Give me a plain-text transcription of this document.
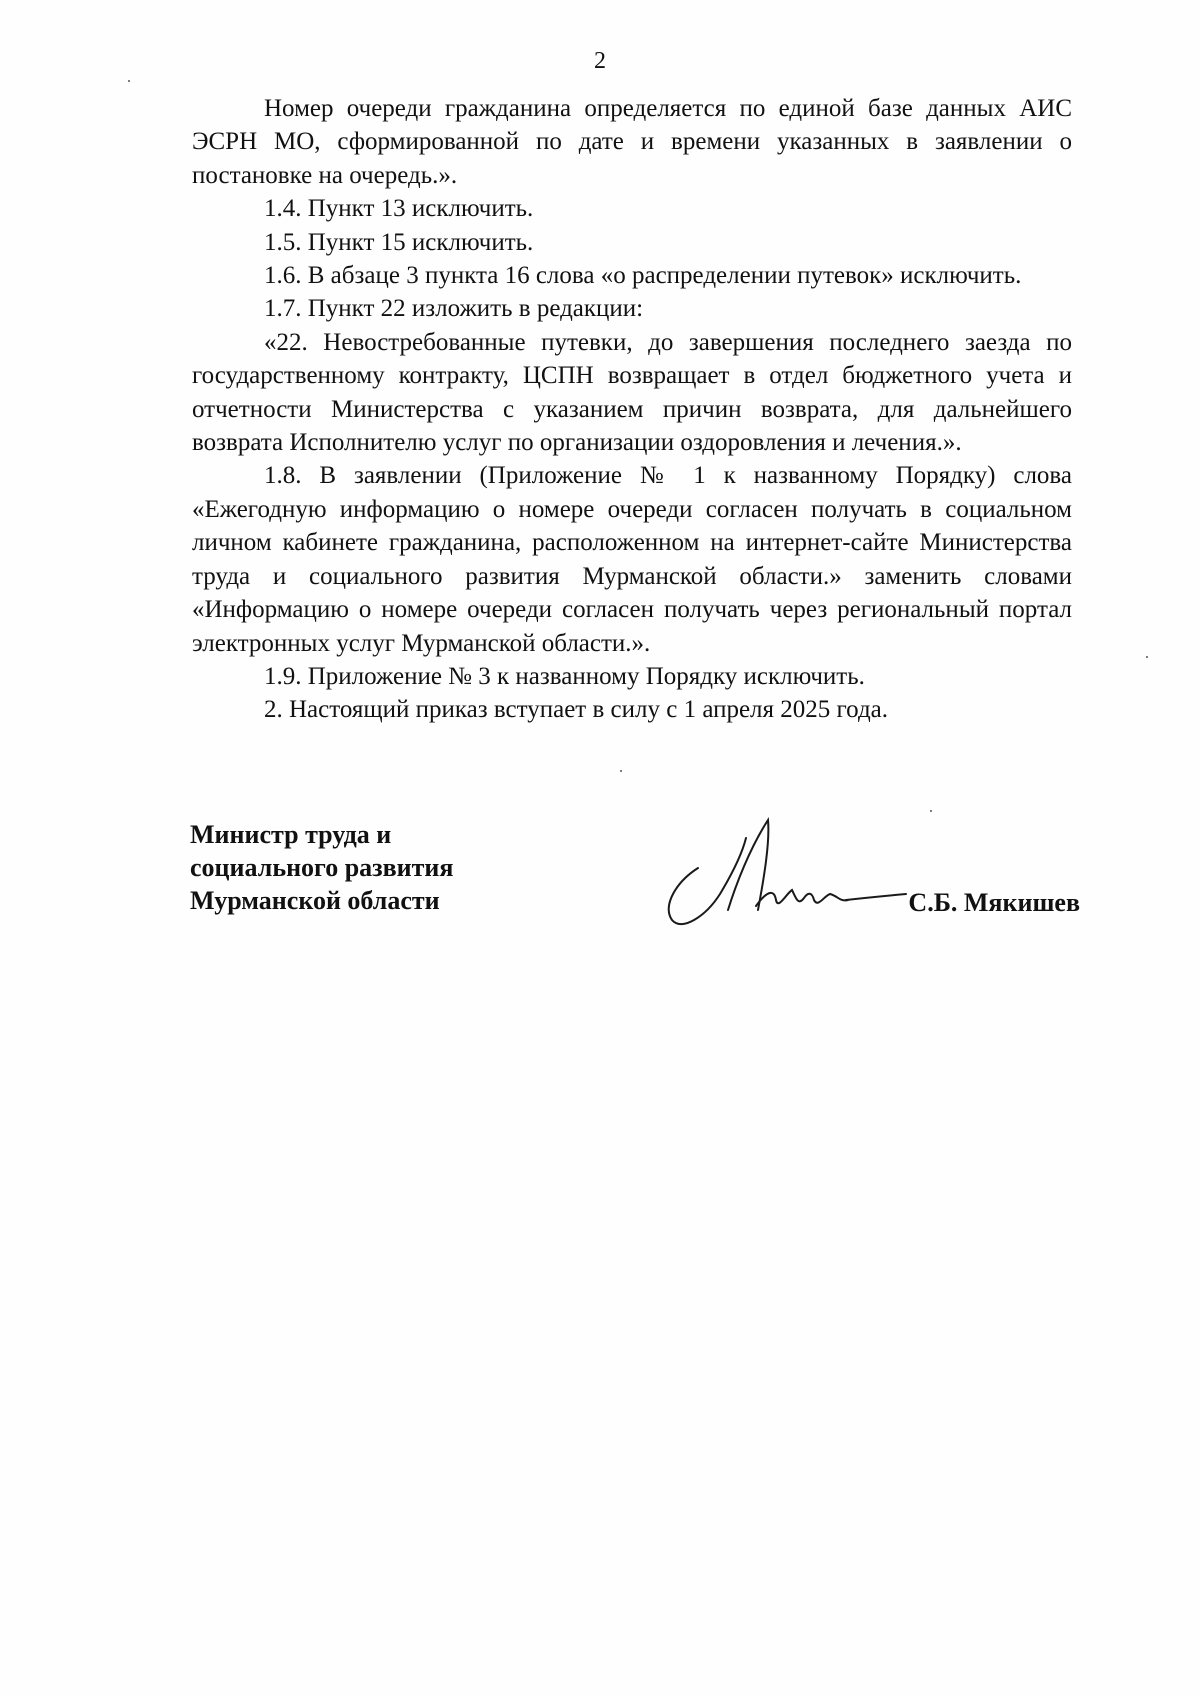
2

Номер очереди гражданина определяется по единой базе данных АИС ЭСРН МО, сформированной по дате и времени указанных в заявлении о постановке на очередь.».

1.4. Пункт 13 исключить.

1.5. Пункт 15 исключить.

1.6. В абзаце 3 пункта 16 слова «о распределении путевок» исключить.

1.7. Пункт 22 изложить в редакции:

«22. Невостребованные путевки, до завершения последнего заезда по государственному контракту, ЦСПН возвращает в отдел бюджетного учета и отчетности Министерства с указанием причин возврата, для дальнейшего возврата Исполнителю услуг по организации оздоровления и лечения.».

1.8. В заявлении (Приложение № 1 к названному Порядку) слова «Ежегодную информацию о номере очереди согласен получать в социальном личном кабинете гражданина, расположенном на интернет-сайте Министерства труда и социального развития Мурманской области.» заменить словами «Информацию о номере очереди согласен получать через региональный портал электронных услуг Мурманской области.».

1.9. Приложение № 3 к названному Порядку исключить.

2. Настоящий приказ вступает в силу с 1 апреля 2025 года.

Министр труда и
социального развития
Мурманской области	С.Б. Мякишев
